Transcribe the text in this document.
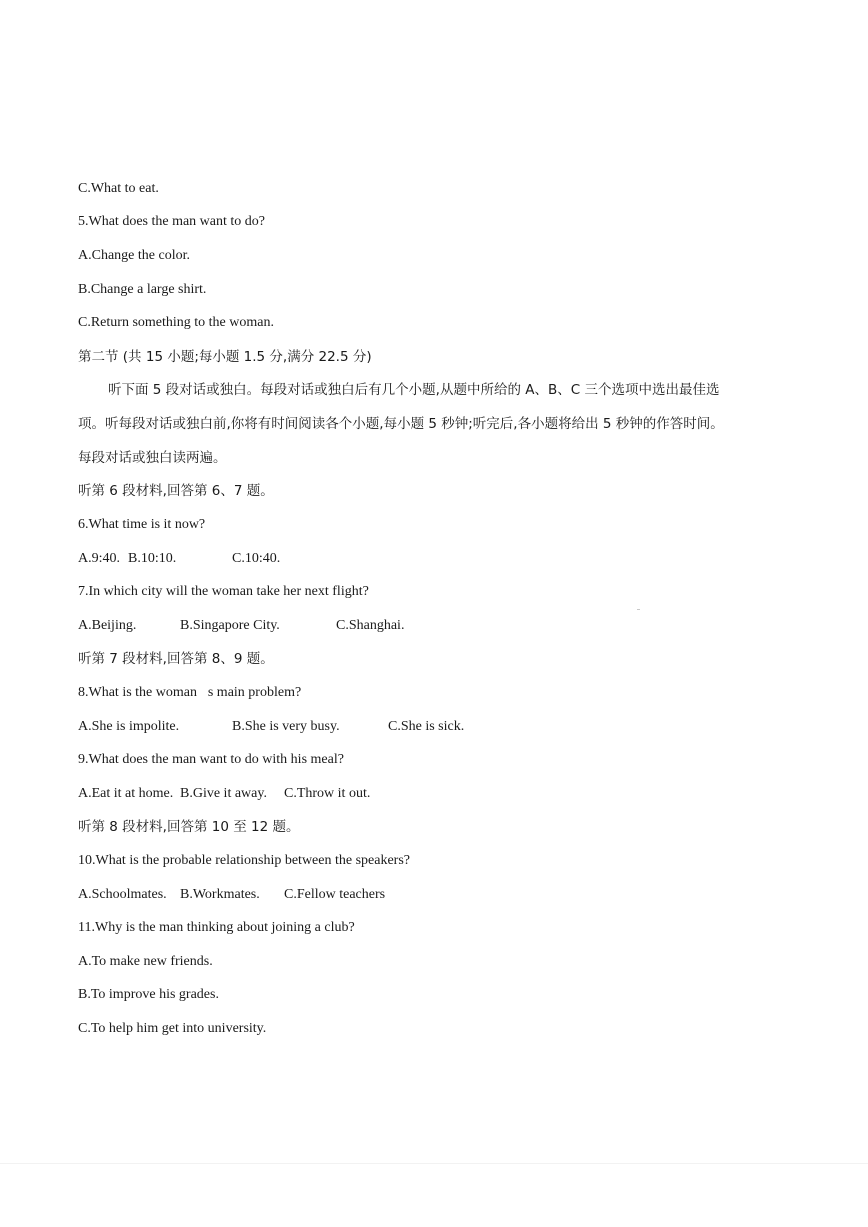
C.What to eat.
5.What does the man want to do?
A.Change the color.
B.Change a large shirt.
C.Return something to the woman.
第二节 (共 15 小题;每小题 1.5 分,满分 22.5 分)
听下面 5 段对话或独白。每段对话或独白后有几个小题,从题中所给的 A、B、C 三个选项中选出最佳选
项。听每段对话或独白前,你将有时间阅读各个小题,每小题 5 秒钟;听完后,各小题将给出 5 秒钟的作答时间。
每段对话或独白读两遍。
听第 6 段材料,回答第 6、7 题。
6.What time is it now?
A.9:40. B.10:10.	C.10:40.
7.In which city will the woman take her next flight?
A.Beijing.	B.Singapore City.	C.Shanghai.
听第 7 段材料,回答第 8、9 题。
8.What is the woman s main problem?
A.She is impolite.	B.She is very busy.	C.She is sick.
9.What does the man want to do with his meal?
A.Eat it at home. B.Give it away. C.Throw it out.
听第 8 段材料,回答第 10 至 12 题。
10.What is the probable relationship between the speakers?
A.Schoolmates. B.Workmates. C.Fellow teachers
11.Why is the man thinking about joining a club?
A.To make new friends.
B.To improve his grades.
C.To help him get into university.
